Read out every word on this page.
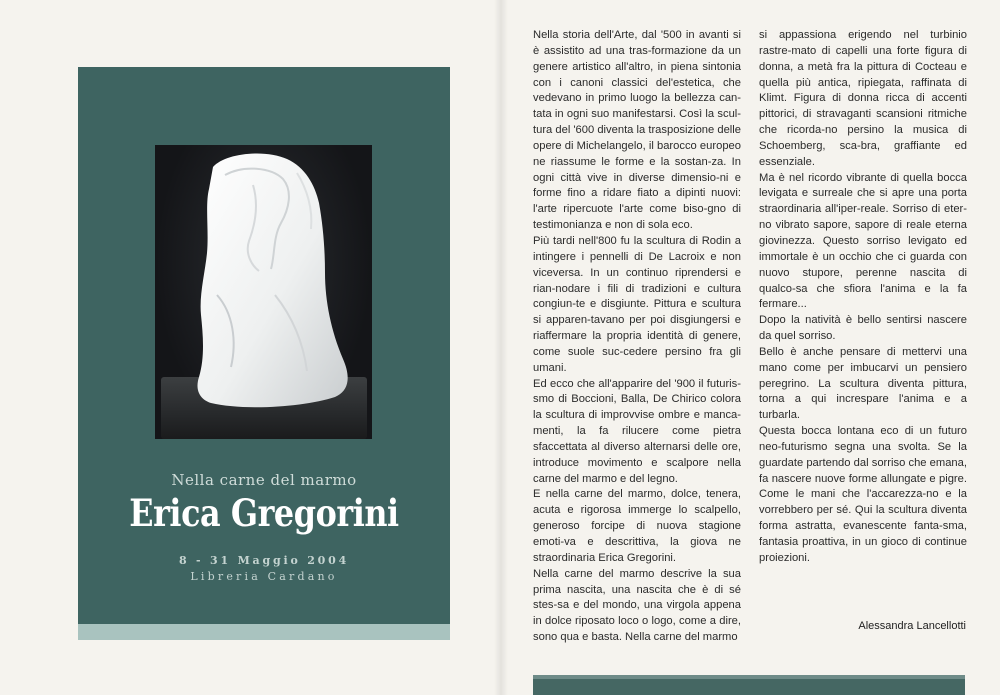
Nella carne del marmo
Erica Gregorini
8 - 31 Maggio 2004
Libreria Cardano

Nella storia dell'Arte, dal '500 in avanti si è assistito ad una tras-formazione da un genere artistico all'altro, in piena sintonia con i canoni classici del'estetica, che vedevano in primo luogo la bellezza can-tata in ogni suo manifestarsi. Così la scul-tura del '600 diventa la trasposizione delle opere di Michelangelo, il barocco europeo ne riassume le forme e la sostan-za. In ogni città vive in diverse dimensio-ni e forme fino a ridare fiato a dipinti nuovi: l'arte ripercuote l'arte come biso-gno di testimonianza e non di sola eco.

Più tardi nell'800 fu la scultura di Rodin a intingere i pennelli di De Lacroix e non viceversa. In un continuo riprendersi e rian-nodare i fili di tradizioni e cultura congiun-te e disgiunte. Pittura e scultura si apparen-tavano per poi disgiungersi e riaffermare la propria identità di genere, come suole suc-cedere persino fra gli umani.

Ed ecco che all'apparire del '900 il futuris-smo di Boccioni, Balla, De Chirico colora la scultura di improvvise ombre e manca-menti, la fa rilucere come pietra sfaccettata al diverso alternarsi delle ore, introduce movimento e scalpore nella carne del marmo e del legno.

E nella carne del marmo, dolce, tenera, acuta e rigorosa immerge lo scalpello, generoso forcipe di nuova stagione emoti-va e descrittiva, la giova ne straordinaria Erica Gregorini.

Nella carne del marmo descrive la sua prima nascita, una nascita che è di sé stes-sa e del mondo, una virgola appena in dolce riposato loco o logo, come a dire, sono qua e basta. Nella carne del marmo

si appassiona erigendo nel turbinio rastre-mato di capelli una forte figura di donna, a metà fra la pittura di Cocteau e quella più antica, ripiegata, raffinata di Klimt. Figura di donna ricca di accenti pittorici, di stravaganti scansioni ritmiche che ricorda-no persino la musica di Schoemberg, sca-bra, graffiante ed essenziale.

Ma è nel ricordo vibrante di quella bocca levigata e surreale che si apre una porta straordinaria all'iper-reale. Sorriso di eter-no vibrato sapore, sapore di reale eterna giovinezza. Questo sorriso levigato ed immortale è un occhio che ci guarda con nuovo stupore, perenne nascita di qualco-sa che sfiora l'anima e la fa fermare...

Dopo la natività è bello sentirsi nascere da quel sorriso.

Bello è anche pensare di mettervi una mano come per imbucarvi un pensiero peregrino. La scultura diventa pittura, torna a qui increspare l'anima e a turbarla.

Questa bocca lontana eco di un futuro neo-futurismo segna una svolta. Se la guardate partendo dal sorriso che emana, fa nascere nuove forme allungate e pigre. Come le mani che l'accarezza-no e la vorrebbero per sé. Qui la scultura diventa forma astratta, evanescente fanta-sma, fantasia proattiva, in un gioco di continue proiezioni.

Alessandra Lancellotti
